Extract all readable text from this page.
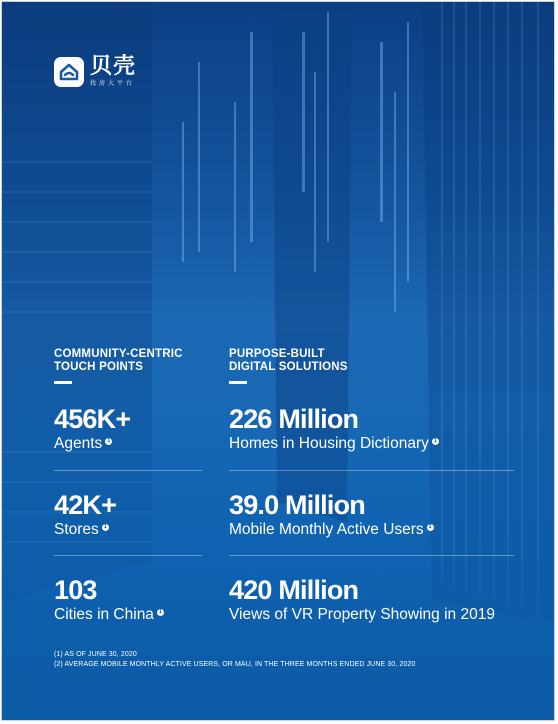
贝壳
找房大平台
COMMUNITY-CENTRIC
TOUCH POINTS
456K+
Agents 1
42K+
Stores 1
103
Cities in China 1
PURPOSE-BUILT
DIGITAL SOLUTIONS
226 Million
Homes in Housing Dictionary 1
39.0 Million
Mobile Monthly Active Users 2
420 Million
Views of VR Property Showing in 2019
(1) AS OF JUNE 30, 2020
(2) AVERAGE MOBILE MONTHLY ACTIVE USERS, OR MAU, IN THE THREE MONTHS ENDED JUNE 30, 2020
